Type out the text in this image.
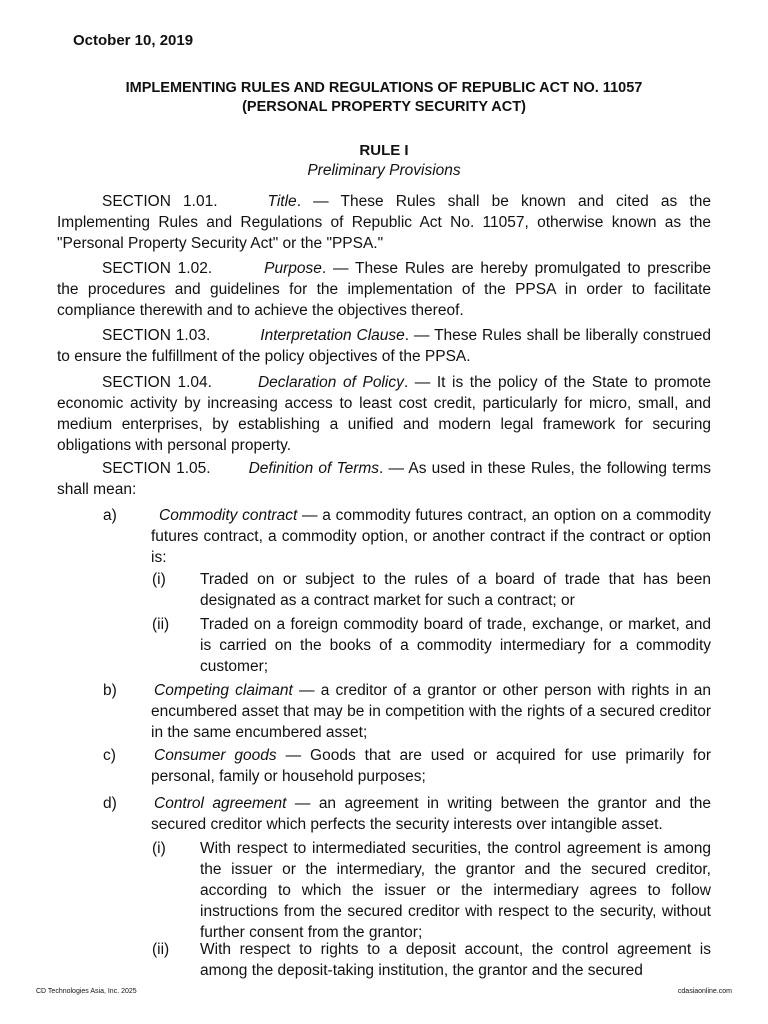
October 10, 2019
IMPLEMENTING RULES AND REGULATIONS OF REPUBLIC ACT NO. 11057
(PERSONAL PROPERTY SECURITY ACT)
RULE I
Preliminary Provisions
SECTION 1.01.	Title. — These Rules shall be known and cited as the Implementing Rules and Regulations of Republic Act No. 11057, otherwise known as the "Personal Property Security Act" or the "PPSA."
SECTION 1.02.	Purpose. — These Rules are hereby promulgated to prescribe the procedures and guidelines for the implementation of the PPSA in order to facilitate compliance therewith and to achieve the objectives thereof.
SECTION 1.03.	Interpretation Clause. — These Rules shall be liberally construed to ensure the fulfillment of the policy objectives of the PPSA.
SECTION 1.04.	Declaration of Policy. — It is the policy of the State to promote economic activity by increasing access to least cost credit, particularly for micro, small, and medium enterprises, by establishing a unified and modern legal framework for securing obligations with personal property.
SECTION 1.05. Definition of Terms. — As used in these Rules, the following terms shall mean:
a)	Commodity contract — a commodity futures contract, an option on a commodity futures contract, a commodity option, or another contract if the contract or option is:
(i) Traded on or subject to the rules of a board of trade that has been designated as a contract market for such a contract; or
(ii) Traded on a foreign commodity board of trade, exchange, or market, and is carried on the books of a commodity intermediary for a commodity customer;
b) Competing claimant — a creditor of a grantor or other person with rights in an encumbered asset that may be in competition with the rights of a secured creditor in the same encumbered asset;
c) Consumer goods — Goods that are used or acquired for use primarily for personal, family or household purposes;
d) Control agreement — an agreement in writing between the grantor and the secured creditor which perfects the security interests over intangible asset.
(i) With respect to intermediated securities, the control agreement is among the issuer or the intermediary, the grantor and the secured creditor, according to which the issuer or the intermediary agrees to follow instructions from the secured creditor with respect to the security, without further consent from the grantor;
(ii) With respect to rights to a deposit account, the control agreement is among the deposit-taking institution, the grantor and the secured
CD Technologies Asia, Inc. 2025	cdasiaonline.com
